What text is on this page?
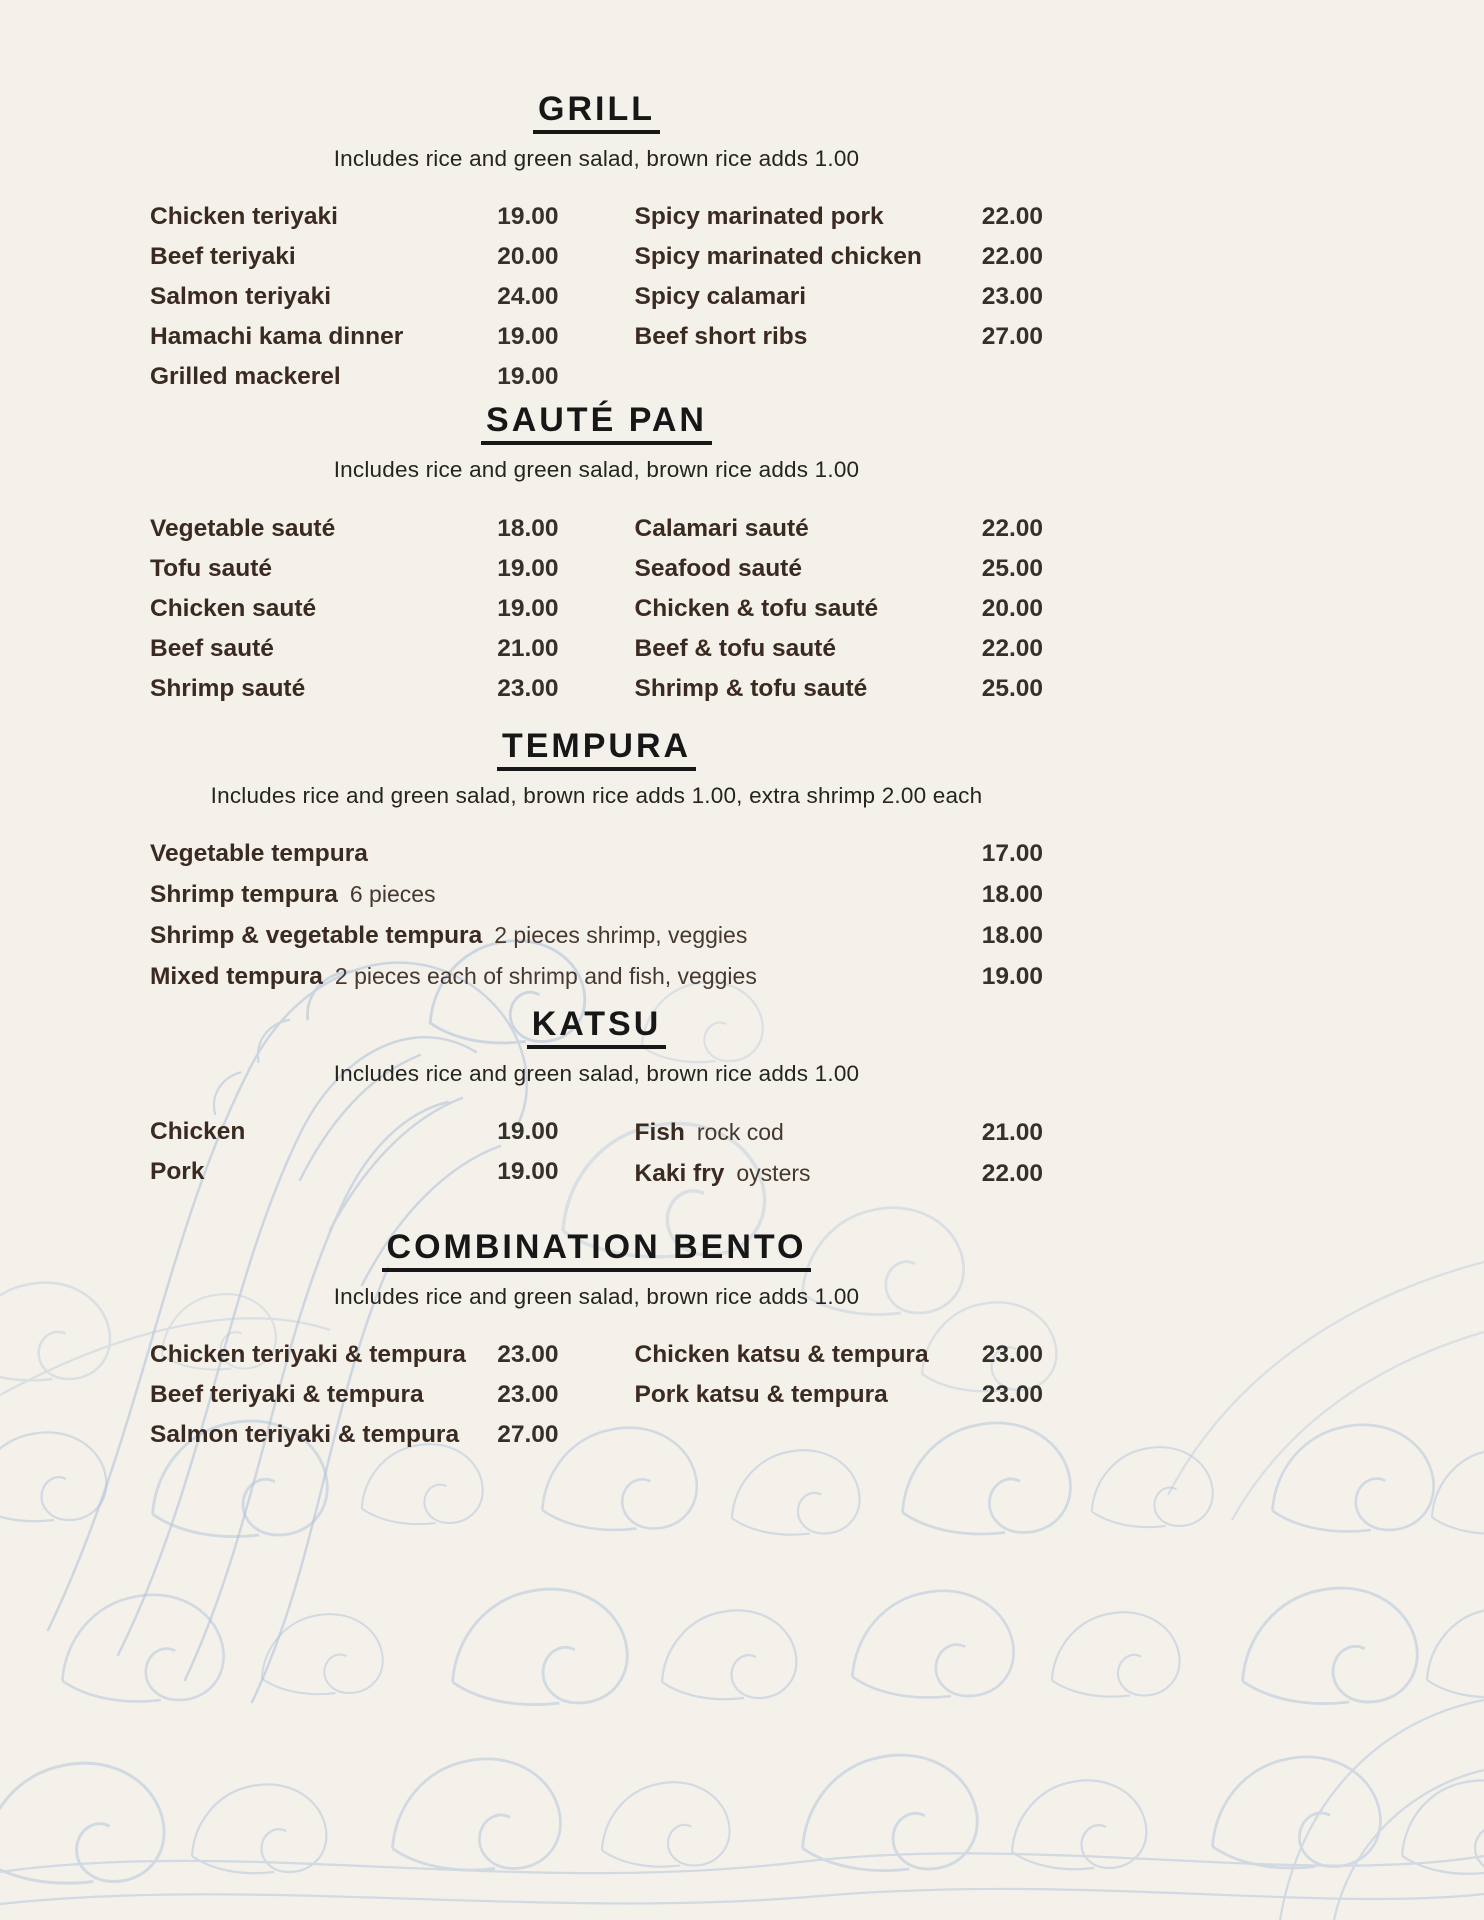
GRILL

Includes rice and green salad, brown rice adds 1.00

Chicken teriyaki	19.00
Beef teriyaki	20.00
Salmon teriyaki	24.00
Hamachi kama dinner	19.00
Grilled mackerel	19.00
Spicy marinated pork	22.00
Spicy marinated chicken 22.00
Spicy calamari	23.00
Beef short ribs	27.00
SAUTÉ PAN

Includes rice and green salad, brown rice adds 1.00

Vegetable sauté	18.00
Tofu sauté	19.00
Chicken sauté	19.00
Beef sauté	21.00
Shrimp sauté	23.00
Calamari sauté	22.00
Seafood sauté	25.00
Chicken & tofu sauté	20.00
Beef & tofu sauté	22.00
Shrimp & tofu sauté	25.00
TEMPURA

Includes rice and green salad, brown rice adds 1.00, extra shrimp 2.00 each

Vegetable tempura	17.00
Shrimp tempura 6 pieces	18.00
Shrimp & vegetable tempura 2 pieces shrimp, veggies	18.00
Mixed tempura 2 pieces each of shrimp and fish, veggies	19.00
KATSU

Includes rice and green salad, brown rice adds 1.00

Chicken	19.00
Pork	19.00
Fish rock cod	21.00
Kaki fry oysters	22.00
COMBINATION BENTO

Includes rice and green salad, brown rice adds 1.00

Chicken teriyaki & tempura 23.00
Beef teriyaki & tempura	23.00
Salmon teriyaki & tempura 27.00
Chicken katsu & tempura 23.00
Pork katsu & tempura	23.00
